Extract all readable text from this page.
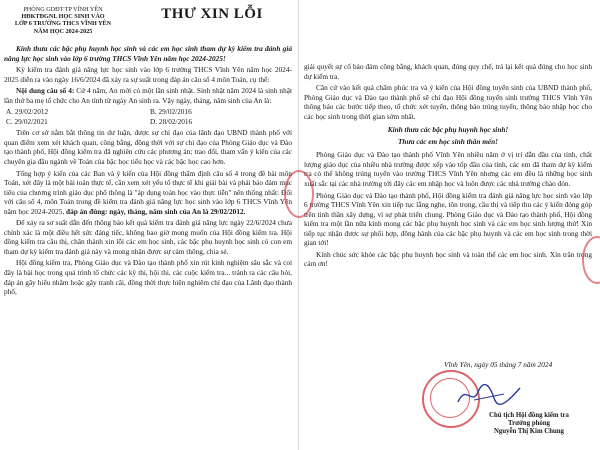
PHÒNG GDĐT TP VĨNH YÊN
HĐKTĐGNL HỌC SINH VÀO
LỚP 6 TRƯỜNG THCS VĨNH YÊN
NĂM HỌC 2024-2025
THƯ XIN LỖI

Kính thưa các bậc phụ huynh học sinh và các em học sinh tham dự kỳ kiểm tra đánh giá năng lực học sinh vào lớp 6 trường THCS Vĩnh Yên năm học 2024-2025!

Kỳ kiểm tra đánh giá năng lực học sinh vào lớp 6 trường THCS Vĩnh Yên năm học 2024-2025 diễn ra vào ngày 16/6/2024 đã xảy ra sự suất trong đáp án câu số 4 môn Toán, cụ thể:

Nội dung câu số 4: Cứ 4 năm, An mới có một lần sinh nhật. Sinh nhật năm 2024 là sinh nhật lần thứ ba mẹ tổ chức cho An tính từ ngày An sinh ra. Vậy ngày, tháng, năm sinh của An là:

A. 29/02/2012	B. 29/02/2016
C. 29/02/2021	D. 28/02/2016

Trên cơ sở nắm bắt thông tin dư luận, được sự chỉ đạo của lãnh đạo UBND thành phố với quan điểm xem xét khách quan, công bằng, đồng thời với sự chỉ đạo của Phòng Giáo dục và Đào tạo thành phố, Hội đồng kiểm tra đã nghiên cứu các phương án; trao đổi, tham vấn ý kiến của các chuyên gia đầu ngành về Toán của bậc học tiểu học và các bậc học cao hơn.

Tổng hợp ý kiến của các Ban và ý kiến của Hội đồng thẩm định câu số 4 trong đề bài môn Toán, xét đây là một bài toán thực tế, cần xem xét yếu tố thực tế khi giải bài và phải bảo đảm mục tiêu của chương trình giáo dục phổ thông là "áp dụng toán học vào thực tiễn" nên thống nhất: Đối với câu số 4, môn Toán trong đề kiểm tra đánh giá năng lực học sinh vào lớp 6 THCS Vĩnh Yên năm học 2024-2025, đáp án đúng: ngày, tháng, năm sinh của An là 29/02/2012.

Để xảy ra sơ suất dẫn đến thông báo kết quả kiểm tra đánh giá năng lực ngày 22/6/2024 chưa chính xác là một điều hết sức đáng tiếc, không bao giờ mong muốn của Hội đồng kiểm tra. Hội đồng kiểm tra cầu thị, chân thành xin lỗi các em học sinh, các bậc phụ huynh học sinh có con em tham dự kỳ kiểm tra đánh giá này và mong nhận được sự cảm thông, chia sẻ.

Hội đồng kiểm tra, Phòng Giáo dục và Đào tạo thành phố xin rút kinh nghiệm sâu sắc và coi đây là bài học trong quá trình tổ chức các kỳ thi, hội thi, các cuộc kiểm tra... tránh ra các câu hỏi, đáp án gây hiểu nhầm hoặc gây tranh cãi, đồng thời thực hiện nghiêm chỉ đạo của Lãnh đạo thành phố,

giải quyết sự cố bảo đảm công bằng, khách quan, đúng quy chế, trả lại kết quả đúng cho học sinh dự kiểm tra.

Căn cứ vào kết quả chấm phúc tra và ý kiến của Hội đồng tuyển sinh của UBND thành phố, Phòng Giáo dục và Đào tạo thành phố sẽ chỉ đạo Hội đồng tuyển sinh trường THCS Vĩnh Yên thông báo các bước tiếp theo, tổ chức xét tuyển, thông báo trúng tuyển, thông báo nhập học cho các học sinh trong thời gian sớm nhất.

Kính thưa các bậc phụ huynh học sinh!

Thưa các em học sinh thân mến!

Phòng Giáo dục và Đào tạo thành phố Vĩnh Yên nhiều năm ở vị trí dẫn đầu của tỉnh, chất lượng giáo dục của nhiều nhà trường được xếp vào tốp đầu của tỉnh, các em đã tham dự kỳ kiểm tra có thể không trúng tuyển vào trường THCS Vĩnh Yên nhưng các em đều là những học sinh xuất sắc tại các nhà trường tới đây các em nhập học và luôn được các nhà trường chào đón.

Phòng Giáo dục và Đào tạo thành phố, Hội đồng kiểm tra đánh giá năng lực học sinh vào lớp 6 trường THCS Vĩnh Yên xin tiếp tục lắng nghe, tôn trọng, cầu thị và tiếp thu các ý kiến đóng góp trên tinh thần xây dựng, vì sự phát triển chung. Phòng Giáo dục và Đào tạo thành phố, Hội đồng kiểm tra một lần nữa kính mong các bậc phụ huynh học sinh và các em học sinh lượng thứ! Xin tiếp tục nhận được sự phối hợp, đồng hành của các bậc phụ huynh và các em học sinh trong thời gian tới!

Kính chúc sức khỏe các bậc phụ huynh học sinh và toàn thể các em học sinh. Xin trân trọng cảm ơn!

Vĩnh Yên, ngày 05 tháng 7 năm 2024
Chủ tịch Hội đồng kiểm tra
Trưởng phòng
Nguyễn Thị Kim Chung
